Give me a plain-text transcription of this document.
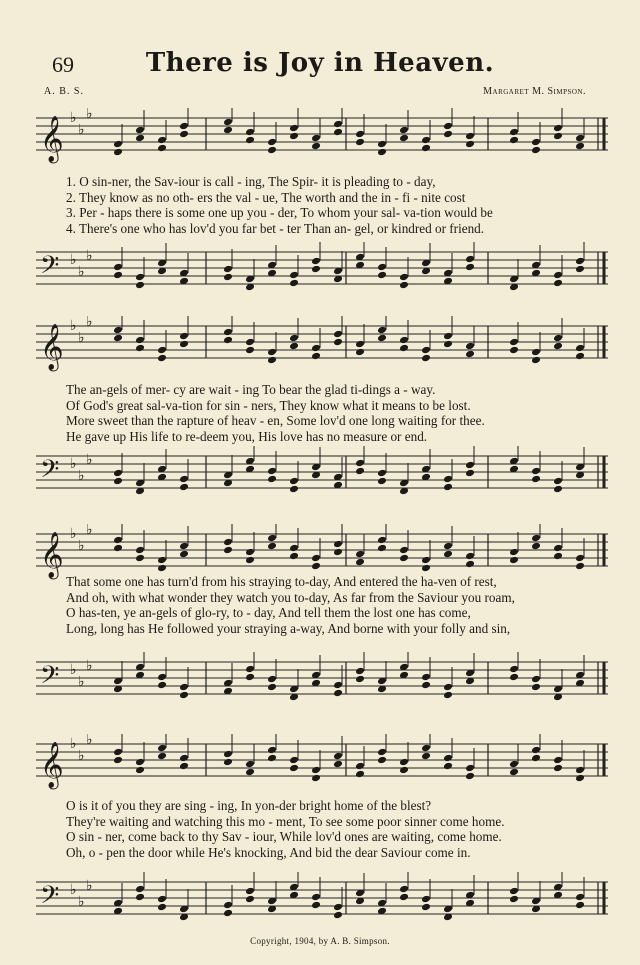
69	There is Joy in Heaven.
A. B. S.	Margaret M. Simpson.
𝄞 ♭
♭
♭
1. O sin-ner, the Sav-iour is call - ing, The Spir- it is pleading to - day,
2. They know as no oth- ers the val - ue, The worth and the in - fi - nite cost
3. Per - haps there is some one up you - der, To whom your sal- va-tion would be
4. There's one who has lov'd you far bet - ter Than an- gel, or kindred or friend.
𝄢 ♭
♭
♭
𝄞 ♭
♭
♭
The an-gels of mer- cy are wait - ing To bear the glad ti-dings a - way.
Of God's great sal-va-tion for sin - ners, They know what it means to be lost.
More sweet than the rapture of heav - en, Some lov'd one long waiting for thee.
He gave up His life to re-deem you, His love has no measure or end.
𝄢 ♭
♭
♭
𝄞 ♭
♭
♭
That some one has turn'd from his straying to-day, And entered the ha-ven of rest,
And oh, with what wonder they watch you to-day, As far from the Saviour you roam,
O has-ten, ye an-gels of glo-ry, to - day, And tell them the lost one has come,
Long, long has He followed your straying a-way, And borne with your folly and sin,
𝄢 ♭
♭
♭
𝄞 ♭
♭
♭
O is it of you they are sing - ing, In yon-der bright home of the blest?
They're waiting and watching this mo - ment, To see some poor sinner come home.
O sin - ner, come back to thy Sav - iour, While lov'd ones are waiting, come home.
Oh, o - pen the door while He's knocking, And bid the dear Saviour come in.
𝄢 ♭
♭
♭
Copyright, 1904, by A. B. Simpson.
